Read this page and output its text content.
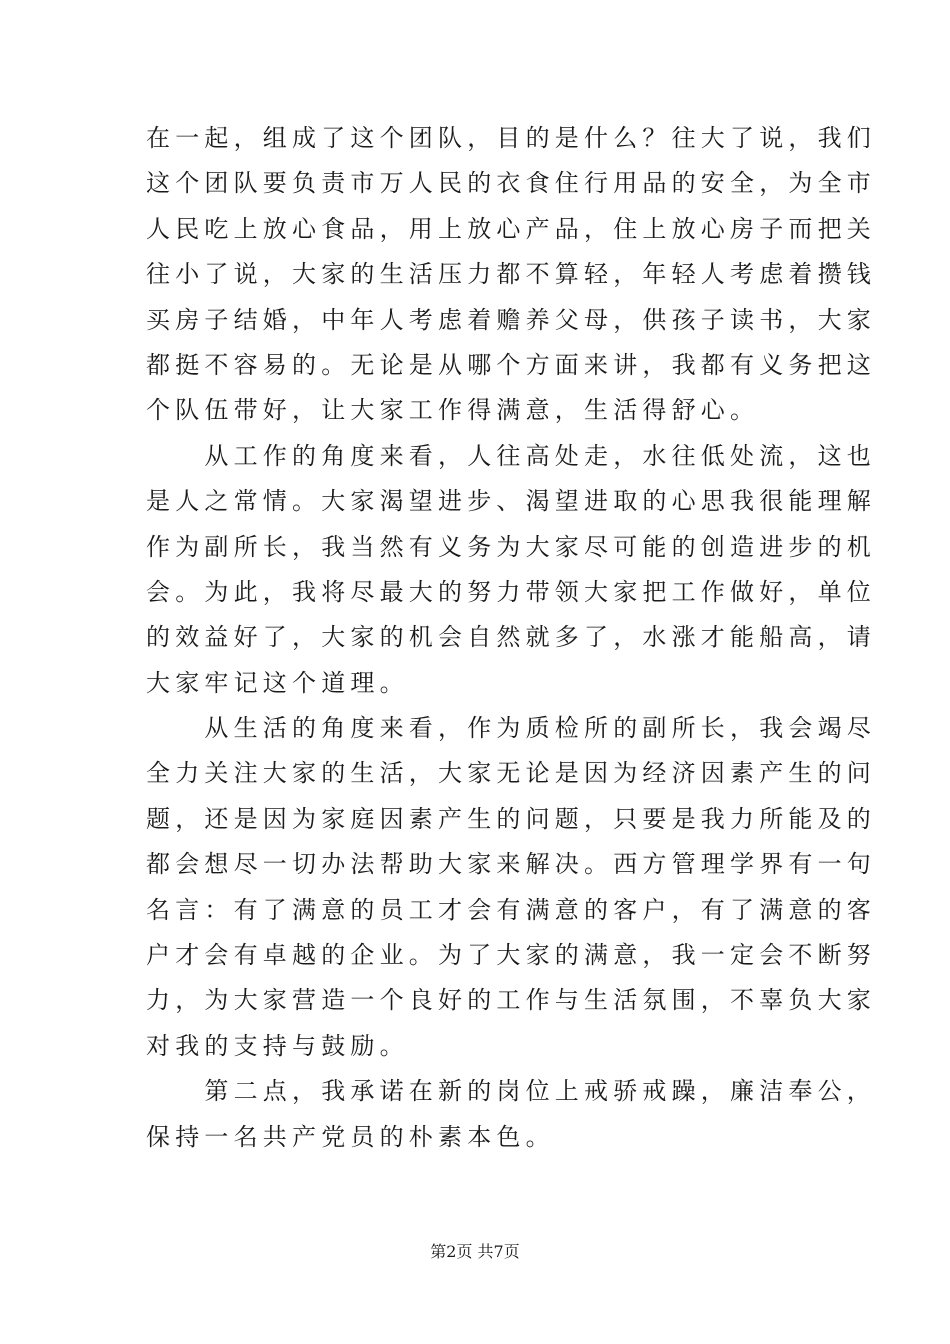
在一起，组成了这个团队，目的是什么？往大了说，我们
这个团队要负责市万人民的衣食住行用品的安全，为全市
人民吃上放心食品，用上放心产品，住上放心房子而把关
往小了说，大家的生活压力都不算轻，年轻人考虑着攒钱
买房子结婚，中年人考虑着赡养父母，供孩子读书，大家
都挺不容易的。无论是从哪个方面来讲，我都有义务把这
个队伍带好，让大家工作得满意，生活得舒心。
　　从工作的角度来看，人往高处走，水往低处流，这也
是人之常情。大家渴望进步、渴望进取的心思我很能理解
作为副所长，我当然有义务为大家尽可能的创造进步的机
会。为此，我将尽最大的努力带领大家把工作做好，单位
的效益好了，大家的机会自然就多了，水涨才能船高，请
大家牢记这个道理。
　　从生活的角度来看，作为质检所的副所长，我会竭尽
全力关注大家的生活，大家无论是因为经济因素产生的问
题，还是因为家庭因素产生的问题，只要是我力所能及的
都会想尽一切办法帮助大家来解决。西方管理学界有一句
名言：有了满意的员工才会有满意的客户，有了满意的客
户才会有卓越的企业。为了大家的满意，我一定会不断努
力，为大家营造一个良好的工作与生活氛围，不辜负大家
对我的支持与鼓励。
　　第二点，我承诺在新的岗位上戒骄戒躁，廉洁奉公，
保持一名共产党员的朴素本色。
第2页 共7页
